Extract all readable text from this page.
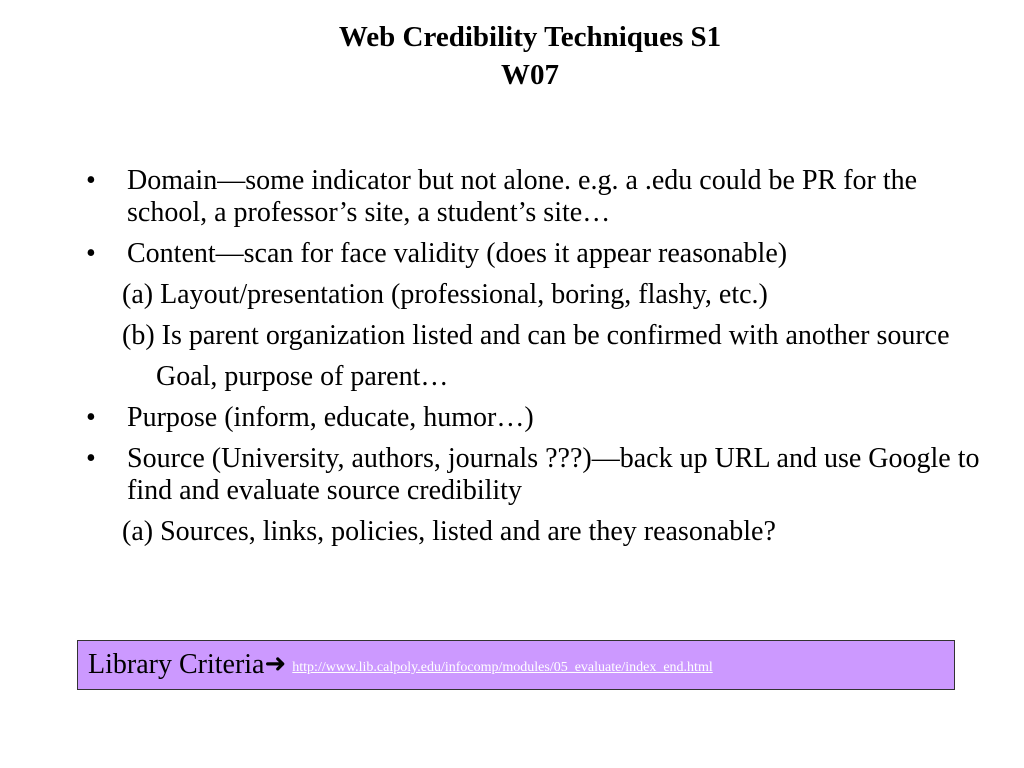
Web Credibility Techniques S1
W07
•	Domain—some indicator but not alone. e.g. a .edu could be PR for the school, a professor’s site, a student’s site…
•	Content—scan for face validity (does it appear reasonable)
(a) Layout/presentation (professional, boring, flashy, etc.)
(b) Is parent organization listed and can be confirmed with another source
Goal, purpose of parent…
•	Purpose (inform, educate, humor…)
•	Source (University, authors, journals ???)—back up URL and use Google to find and evaluate source credibility
(a) Sources, links, policies, listed and are they reasonable?
Library Criteria ➜ http://www.lib.calpoly.edu/infocomp/modules/05_evaluate/index_end.html
